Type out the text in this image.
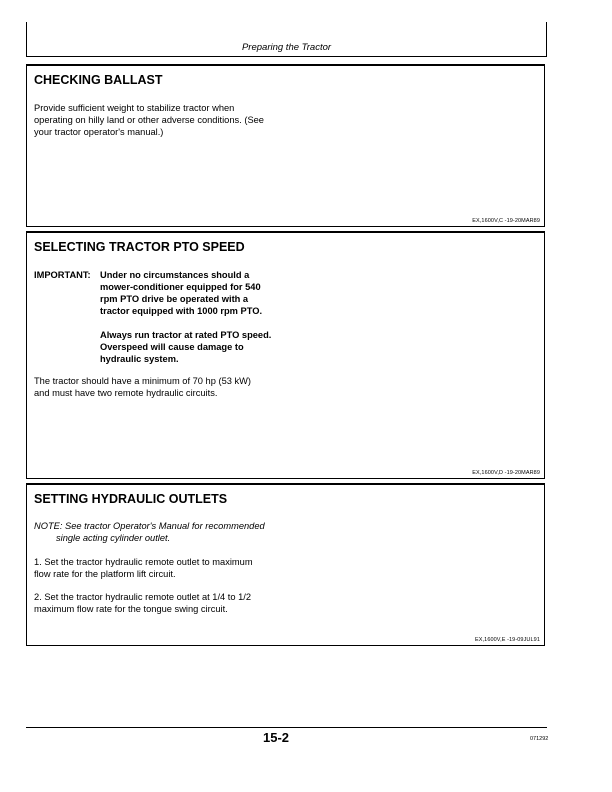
Preparing the Tractor
CHECKING BALLAST
Provide sufficient weight to stabilize tractor when
operating on hilly land or other adverse conditions. (See
your tractor operator's manual.)
EX,1600V,C -19-20MAR89
SELECTING TRACTOR PTO SPEED
IMPORTANT:	Under no circumstances should a
mower-conditioner equipped for 540
rpm PTO drive be operated with a
tractor equipped with 1000 rpm PTO.

Always run tractor at rated PTO speed.
Overspeed will cause damage to
hydraulic system.

The tractor should have a minimum of 70 hp (53 kW)
and must have two remote hydraulic circuits.
EX,1600V,D -19-20MAR89
SETTING HYDRAULIC OUTLETS
NOTE: See tractor Operator's Manual for recommended
single acting cylinder outlet.
1. Set the tractor hydraulic remote outlet to maximum
flow rate for the platform lift circuit.
2. Set the tractor hydraulic remote outlet at 1/4 to 1/2
maximum flow rate for the tongue swing circuit.
EX,1600V,E -19-09JUL91
15-2	071292
